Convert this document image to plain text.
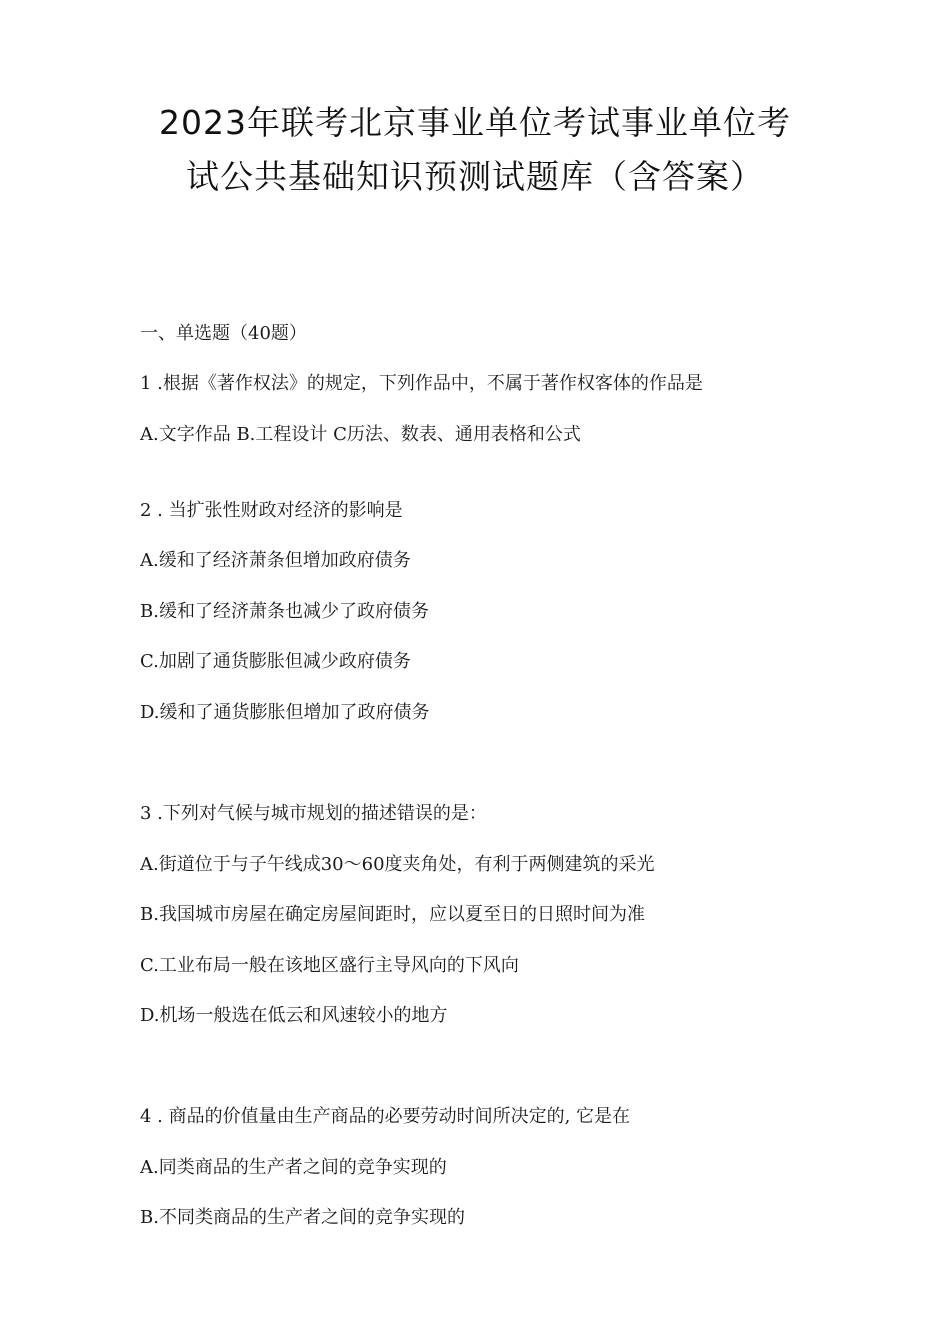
2023年联考北京事业单位考试事业单位考
试公共基础知识预测试题库（含答案）
一、单选题（40题）
1 .根据《著作权法》的规定，下列作品中，不属于著作权客体的作品是
A.文字作品 B.工程设计 C历法、数表、通用表格和公式
2 . 当扩张性财政对经济的影响是
A.缓和了经济萧条但增加政府债务
B.缓和了经济萧条也减少了政府债务
C.加剧了通货膨胀但减少政府债务
D.缓和了通货膨胀但增加了政府债务
3 .下列对气候与城市规划的描述错误的是：
A.街道位于与子午线成30〜60度夹角处，有利于两侧建筑的采光
B.我国城市房屋在确定房屋间距时，应以夏至日的日照时间为准
C.工业布局一般在该地区盛行主导风向的下风向
D.机场一般选在低云和风速较小的地方
4 . 商品的价值量由生产商品的必要劳动时间所决定的, 它是在
A.同类商品的生产者之间的竞争实现的
B.不同类商品的生产者之间的竞争实现的
